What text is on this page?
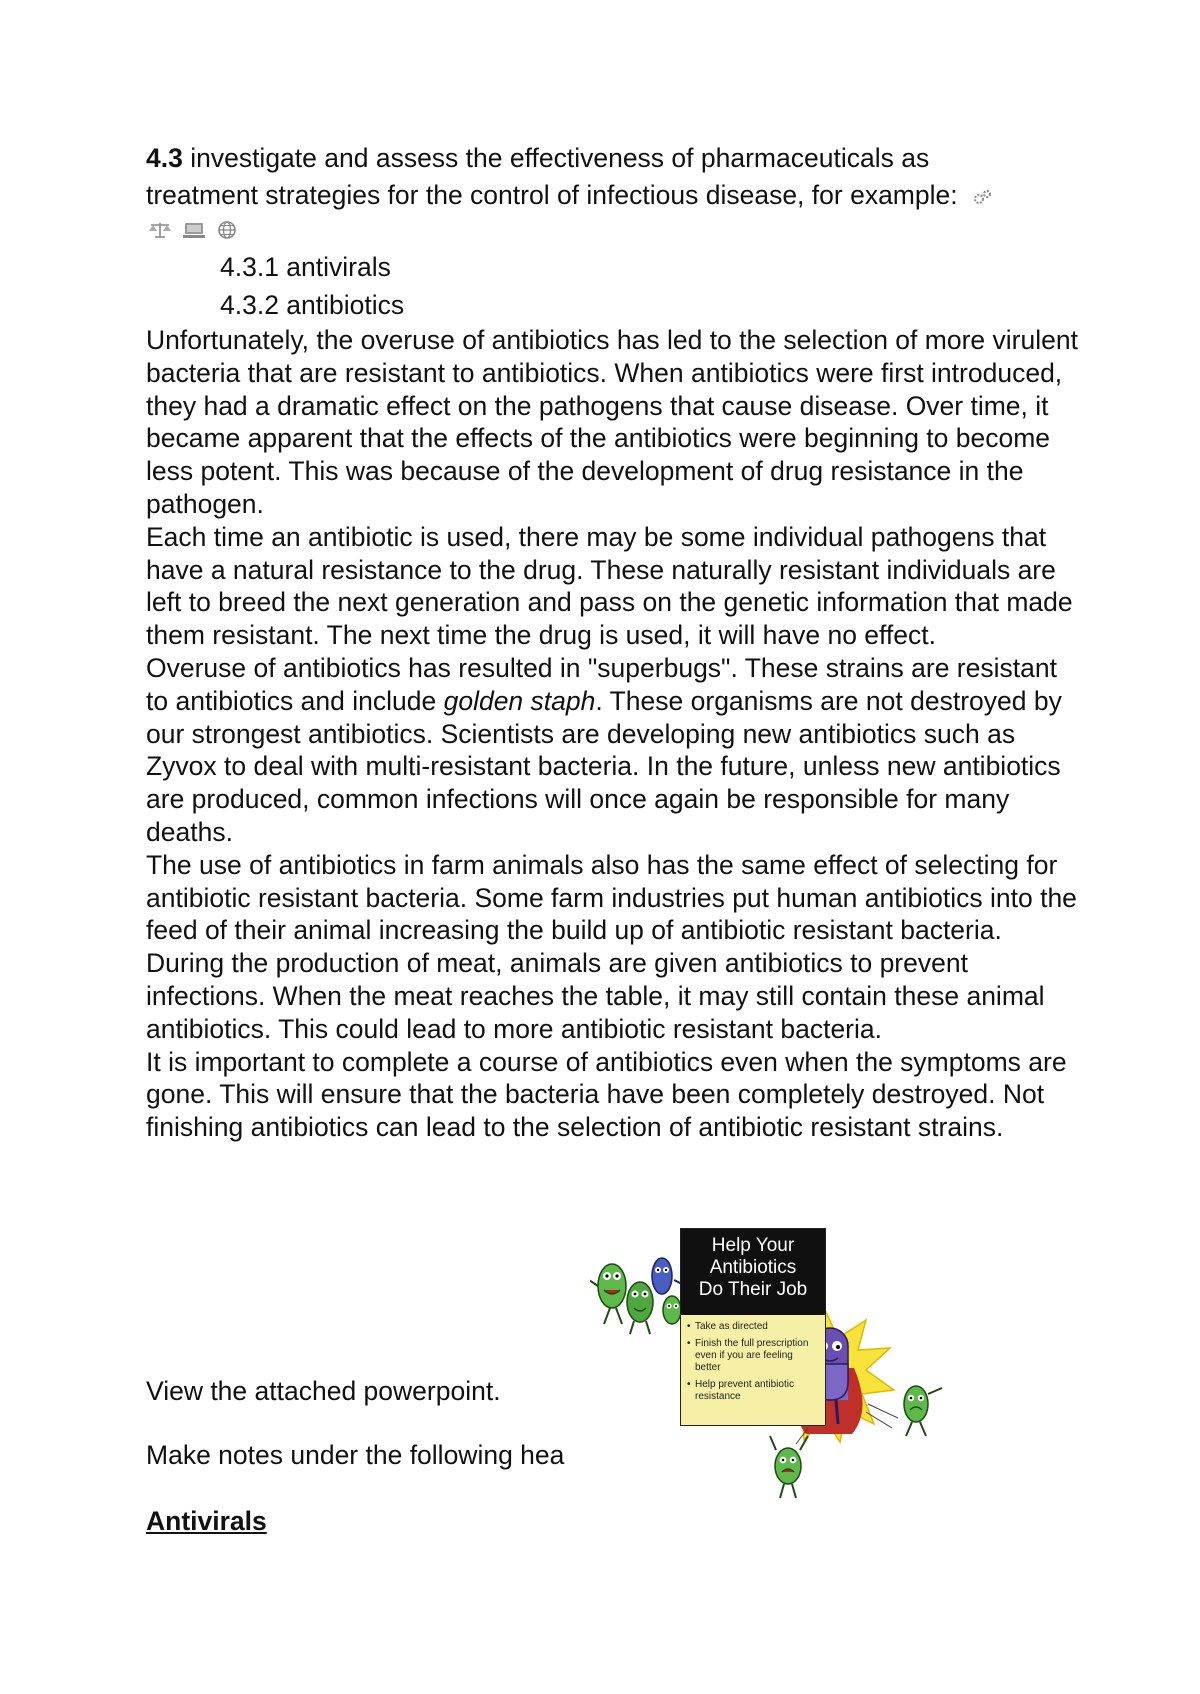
4.3 investigate and assess the effectiveness of pharmaceuticals as
treatment strategies for the control of infectious disease, for example:
4.3.1 antivirals
4.3.2 antibiotics

Unfortunately, the overuse of antibiotics has led to the selection of more virulent bacteria that are resistant to antibiotics. When antibiotics were first introduced, they had a dramatic effect on the pathogens that cause disease. Over time, it became apparent that the effects of the antibiotics were beginning to become less potent. This was because of the development of drug resistance in the pathogen.

Each time an antibiotic is used, there may be some individual pathogens that have a natural resistance to the drug. These naturally resistant individuals are left to breed the next generation and pass on the genetic information that made them resistant. The next time the drug is used, it will have no effect.

Overuse of antibiotics has resulted in "superbugs". These strains are resistant to antibiotics and include golden staph. These organisms are not destroyed by our strongest antibiotics. Scientists are developing new antibiotics such as Zyvox to deal with multi-resistant bacteria. In the future, unless new antibiotics are produced, common infections will once again be responsible for many deaths.

The use of antibiotics in farm animals also has the same effect of selecting for antibiotic resistant bacteria. Some farm industries put human antibiotics into the feed of their animal increasing the build up of antibiotic resistant bacteria. During the production of meat, animals are given antibiotics to prevent infections. When the meat reaches the table, it may still contain these animal antibiotics. This could lead to more antibiotic resistant bacteria.

It is important to complete a course of antibiotics even when the symptoms are gone. This will ensure that the bacteria have been completely destroyed. Not finishing antibiotics can lead to the selection of antibiotic resistant strains.

View the attached powerpoint.
Make notes under the following hea
Antivirals
Help Your
Antibiotics
Do Their Job
• Take as directed
• Finish the full prescription even if you are feeling better
• Help prevent antibiotic resistance
